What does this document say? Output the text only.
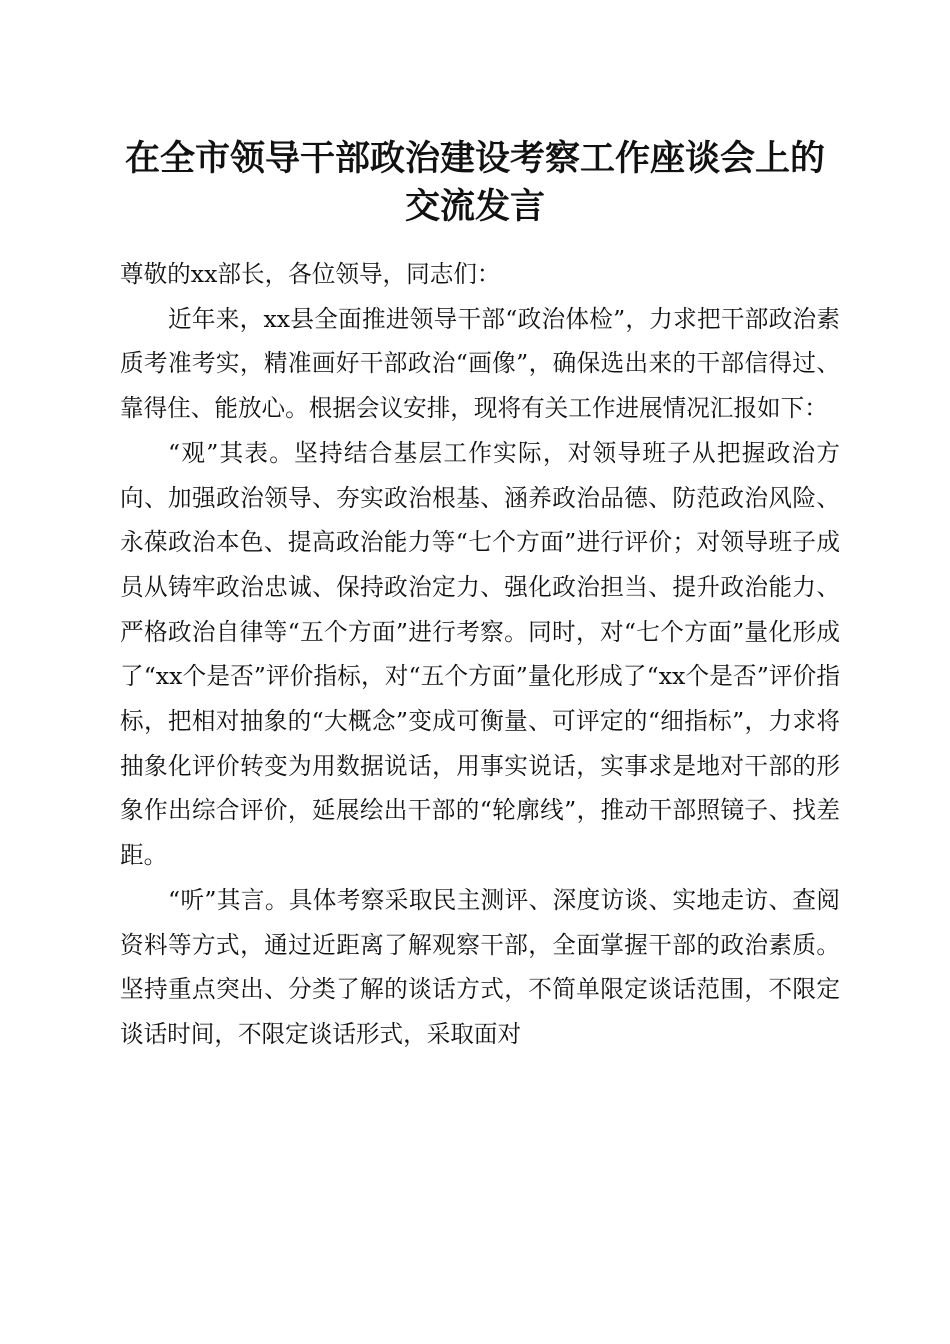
在全市领导干部政治建设考察工作座谈会上的
交流发言

尊敬的xx部长，各位领导，同志们：

近年来，xx县全面推进领导干部“政治体检”，力求把干部政治素质考准考实，精准画好干部政治“画像”，确保选出来的干部信得过、靠得住、能放心。根据会议安排，现将有关工作进展情况汇报如下：

“观”其表。坚持结合基层工作实际，对领导班子从把握政治方向、加强政治领导、夯实政治根基、涵养政治品德、防范政治风险、永葆政治本色、提高政治能力等“七个方面”进行评价；对领导班子成员从铸牢政治忠诚、保持政治定力、强化政治担当、提升政治能力、严格政治自律等“五个方面”进行考察。同时，对“七个方面”量化形成了“xx个是否”评价指标，对“五个方面”量化形成了“xx个是否”评价指标，把相对抽象的“大概念”变成可衡量、可评定的“细指标”，力求将抽象化评价转变为用数据说话，用事实说话，实事求是地对干部的形象作出综合评价，延展绘出干部的“轮廓线”，推动干部照镜子、找差距。

“听”其言。具体考察采取民主测评、深度访谈、实地走访、查阅资料等方式，通过近距离了解观察干部，全面掌握干部的政治素质。坚持重点突出、分类了解的谈话方式，不简单限定谈话范围，不限定谈话时间，不限定谈话形式，采取面对
